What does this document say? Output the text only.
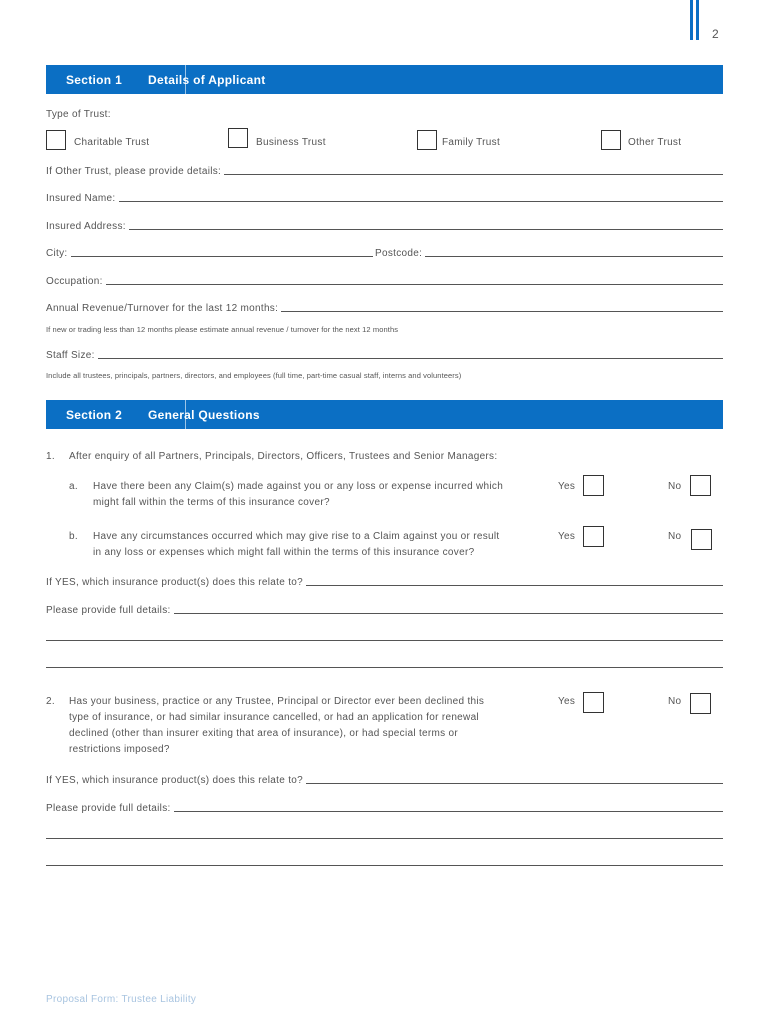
2
Section 1 Details of Applicant
Type of Trust:
Charitable Trust	Business Trust	Family Trust	Other Trust
If Other Trust, please provide details:
Insured Name:
Insured Address:
City:	Postcode:
Occupation:
Annual Revenue/Turnover for the last 12 months:
If new or trading less than 12 months please estimate annual revenue / turnover for the next 12 months
Staff Size:
Include all trustees, principals, partners, directors, and employees (full time, part-time casual staff, interns and volunteers)
Section 2 General Questions
1. After enquiry of all Partners, Principals, Directors, Officers, Trustees and Senior Managers:
a. Have there been any Claim(s) made against you or any loss or expense incurred which
might fall within the terms of this insurance cover?
Yes	No
b. Have any circumstances occurred which may give rise to a Claim against you or result
in any loss or expenses which might fall within the terms of this insurance cover?
Yes	No
If YES, which insurance product(s) does this relate to?
Please provide full details:
2. Has your business, practice or any Trustee, Principal or Director ever been declined this
type of insurance, or had similar insurance cancelled, or had an application for renewal
declined (other than insurer exiting that area of insurance), or had special terms or
restrictions imposed?
Yes	No
If YES, which insurance product(s) does this relate to?
Please provide full details:
Proposal Form: Trustee Liability
